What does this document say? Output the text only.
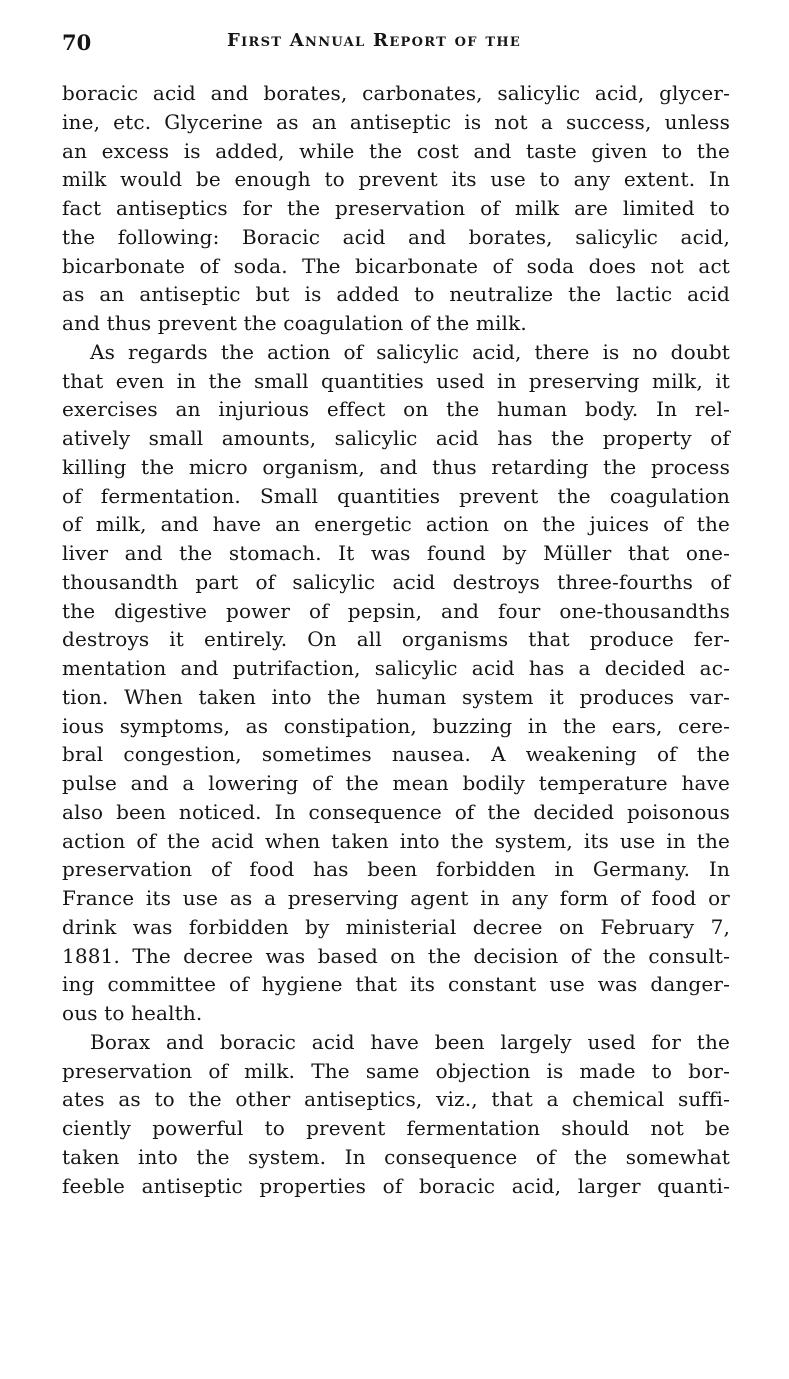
70	First Annual Report of the
boracic acid and borates, carbonates, salicylic acid, glycer-
ine, etc. Glycerine as an antiseptic is not a success, unless
an excess is added, while the cost and taste given to the
milk would be enough to prevent its use to any extent. In
fact antiseptics for the preservation of milk are limited to
the following: Boracic acid and borates, salicylic acid,
bicarbonate of soda. The bicarbonate of soda does not act
as an antiseptic but is added to neutralize the lactic acid
and thus prevent the coagulation of the milk.
As regards the action of salicylic acid, there is no doubt
that even in the small quantities used in preserving milk, it
exercises an injurious effect on the human body. In rel-
atively small amounts, salicylic acid has the property of
killing the micro organism, and thus retarding the process
of fermentation. Small quantities prevent the coagulation
of milk, and have an energetic action on the juices of the
liver and the stomach. It was found by Müller that one-
thousandth part of salicylic acid destroys three-fourths of
the digestive power of pepsin, and four one-thousandths
destroys it entirely. On all organisms that produce fer-
mentation and putrifaction, salicylic acid has a decided ac-
tion. When taken into the human system it produces var-
ious symptoms, as constipation, buzzing in the ears, cere-
bral congestion, sometimes nausea. A weakening of the
pulse and a lowering of the mean bodily temperature have
also been noticed. In consequence of the decided poisonous
action of the acid when taken into the system, its use in the
preservation of food has been forbidden in Germany. In
France its use as a preserving agent in any form of food or
drink was forbidden by ministerial decree on February 7,
1881. The decree was based on the decision of the consult-
ing committee of hygiene that its constant use was danger-
ous to health.
Borax and boracic acid have been largely used for the
preservation of milk. The same objection is made to bor-
ates as to the other antiseptics, viz., that a chemical suffi-
ciently powerful to prevent fermentation should not be
taken into the system. In consequence of the somewhat
feeble antiseptic properties of boracic acid, larger quanti-
